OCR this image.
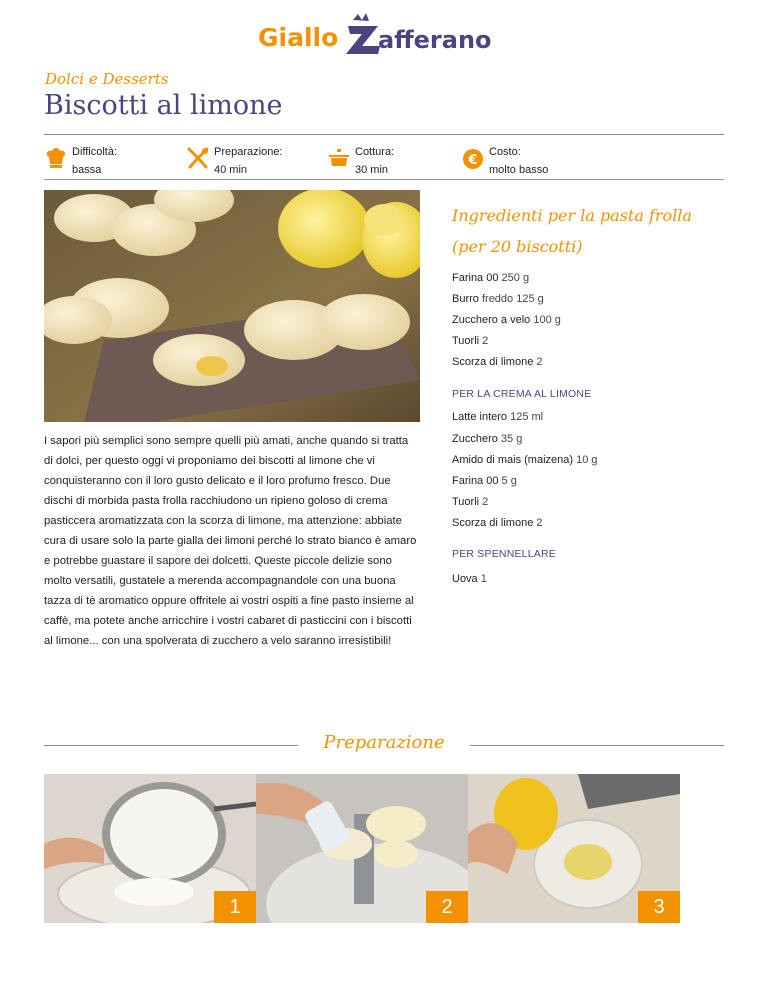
Giallo afferano
Dolci e Desserts
Biscotti al limone
Difficoltà:
bassa
Preparazione:
40 min
Cottura:
30 min
€
Costo:
molto basso

I sapori più semplici sono sempre quelli più amati, anche quando si tratta di dolci, per questo oggi vi proponiamo dei biscotti al limone che vi conquisteranno con il loro gusto delicato e il loro profumo fresco. Due dischi di morbida pasta frolla racchiudono un ripieno goloso di crema pasticcera aromatizzata con la scorza di limone, ma attenzione: abbiate cura di usare solo la parte gialla dei limoni perché lo strato bianco è amaro e potrebbe guastare il sapore dei dolcetti. Queste piccole delizie sono molto versatili, gustatele a merenda accompagnandole con una buona tazza di tè aromatico oppure offritele ai vostri ospiti a fine pasto insieme al caffè, ma potete anche arricchire i vostri cabaret di pasticcini con i biscotti al limone... con una spolverata di zucchero a velo saranno irresistibili!

Ingredienti per la pasta frolla (per 20 biscotti)
Farina 00 250 g
Burro freddo 125 g
Zucchero a velo 100 g
Tuorli 2
Scorza di limone 2
PER LA CREMA AL LIMONE
Latte intero 125 ml
Zucchero 35 g
Amido di mais (maizena) 10 g
Farina 00 5 g
Tuorli 2
Scorza di limone 2
PER SPENNELLARE
Uova 1
Preparazione
1	2	3
